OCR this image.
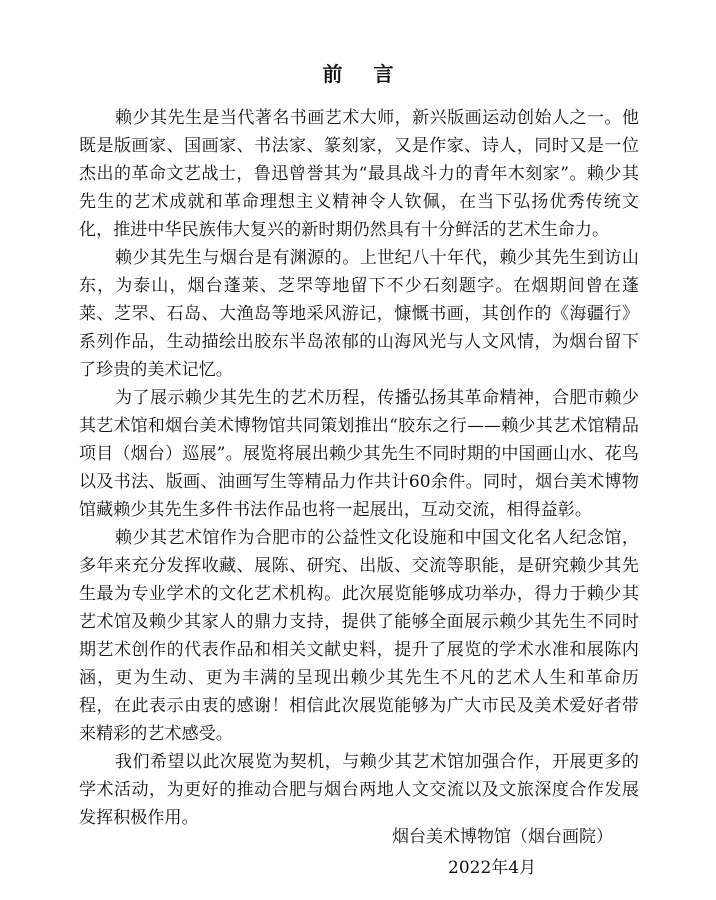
前 言

赖少其先生是当代著名书画艺术大师，新兴版画运动创始人之一。他既是版画家、国画家、书法家、篆刻家，又是作家、诗人，同时又是一位杰出的革命文艺战士，鲁迅曾誉其为“最具战斗力的青年木刻家”。赖少其先生的艺术成就和革命理想主义精神令人钦佩，在当下弘扬优秀传统文化，推进中华民族伟大复兴的新时期仍然具有十分鲜活的艺术生命力。

赖少其先生与烟台是有渊源的。上世纪八十年代，赖少其先生到访山东，为泰山，烟台蓬莱、芝罘等地留下不少石刻题字。在烟期间曾在蓬莱、芝罘、石岛、大渔岛等地采风游记，慷慨书画，其创作的《海疆行》系列作品，生动描绘出胶东半岛浓郁的山海风光与人文风情，为烟台留下了珍贵的美术记忆。

为了展示赖少其先生的艺术历程，传播弘扬其革命精神，合肥市赖少其艺术馆和烟台美术博物馆共同策划推出“胶东之行——赖少其艺术馆精品项目（烟台）巡展”。展览将展出赖少其先生不同时期的中国画山水、花鸟以及书法、版画、油画写生等精品力作共计60余件。同时，烟台美术博物馆藏赖少其先生多件书法作品也将一起展出，互动交流，相得益彰。

赖少其艺术馆作为合肥市的公益性文化设施和中国文化名人纪念馆，多年来充分发挥收藏、展陈、研究、出版、交流等职能，是研究赖少其先生最为专业学术的文化艺术机构。此次展览能够成功举办，得力于赖少其艺术馆及赖少其家人的鼎力支持，提供了能够全面展示赖少其先生不同时期艺术创作的代表作品和相关文献史料，提升了展览的学术水准和展陈内涵，更为生动、更为丰满的呈现出赖少其先生不凡的艺术人生和革命历程，在此表示由衷的感谢！相信此次展览能够为广大市民及美术爱好者带来精彩的艺术感受。

我们希望以此次展览为契机，与赖少其艺术馆加强合作，开展更多的学术活动，为更好的推动合肥与烟台两地人文交流以及文旅深度合作发展发挥积极作用。

烟台美术博物馆（烟台画院）
2022年4月
